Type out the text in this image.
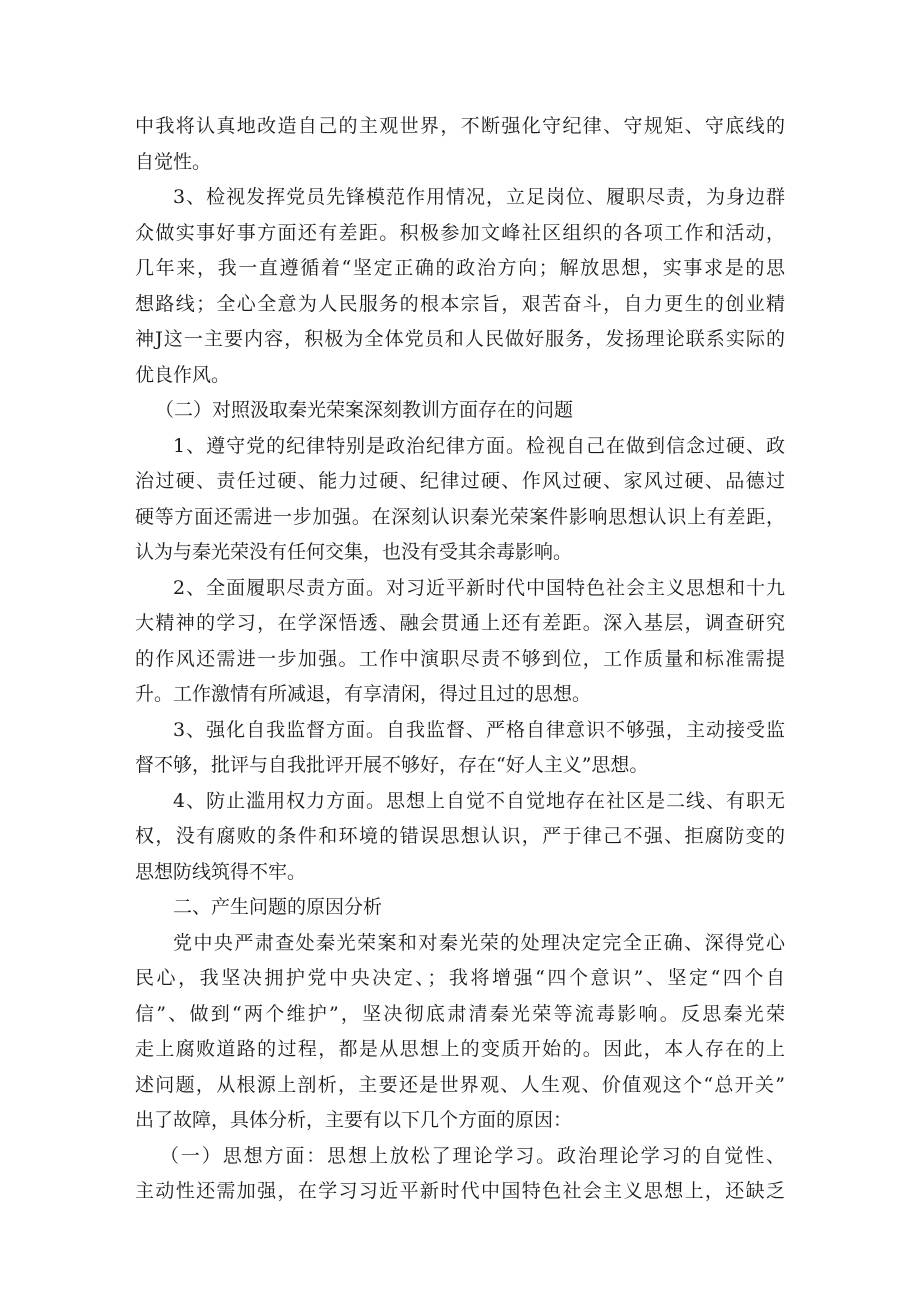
中我将认真地改造自己的主观世界，不断强化守纪律、守规矩、守底线的
自觉性。
3、检视发挥党员先锋模范作用情况，立足岗位、履职尽责，为身边群
众做实事好事方面还有差距。积极参加文峰社区组织的各项工作和活动，
几年来，我一直遵循着“坚定正确的政治方向；解放思想，实事求是的思
想路线；全心全意为人民服务的根本宗旨，艰苦奋斗，自力更生的创业精
神J这一主要内容，积极为全体党员和人民做好服务，发扬理论联系实际的
优良作风。
（二）对照汲取秦光荣案深刻教训方面存在的问题
1、遵守党的纪律特别是政治纪律方面。检视自己在做到信念过硬、政
治过硬、责任过硬、能力过硬、纪律过硬、作风过硬、家风过硬、品德过
硬等方面还需进一步加强。在深刻认识秦光荣案件影响思想认识上有差距，
认为与秦光荣没有任何交集，也没有受其余毒影响。
2、全面履职尽责方面。对习近平新时代中国特色社会主义思想和十九
大精神的学习，在学深悟透、融会贯通上还有差距。深入基层，调查研究
的作风还需进一步加强。工作中演职尽责不够到位，工作质量和标准需提
升。工作激情有所减退，有享清闲，得过且过的思想。
3、强化自我监督方面。自我监督、严格自律意识不够强，主动接受监
督不够，批评与自我批评开展不够好，存在“好人主义”思想。
4、防止滥用权力方面。思想上自觉不自觉地存在社区是二线、有职无
权，没有腐败的条件和环境的错误思想认识，严于律己不强、拒腐防变的
思想防线筑得不牢。
二、产生问题的原因分析
党中央严肃查处秦光荣案和对秦光荣的处理决定完全正确、深得党心
民心，我坚决拥护党中央决定、；我将增强“四个意识”、坚定“四个自
信”、做到“两个维护”，坚决彻底肃清秦光荣等流毒影响。反思秦光荣
走上腐败道路的过程，都是从思想上的变质开始的。因此，本人存在的上
述问题，从根源上剖析，主要还是世界观、人生观、价值观这个“总开关”
出了故障，具体分析，主要有以下几个方面的原因：
（一）思想方面：思想上放松了理论学习。政治理论学习的自觉性、
主动性还需加强，在学习习近平新时代中国特色社会主义思想上，还缺乏
